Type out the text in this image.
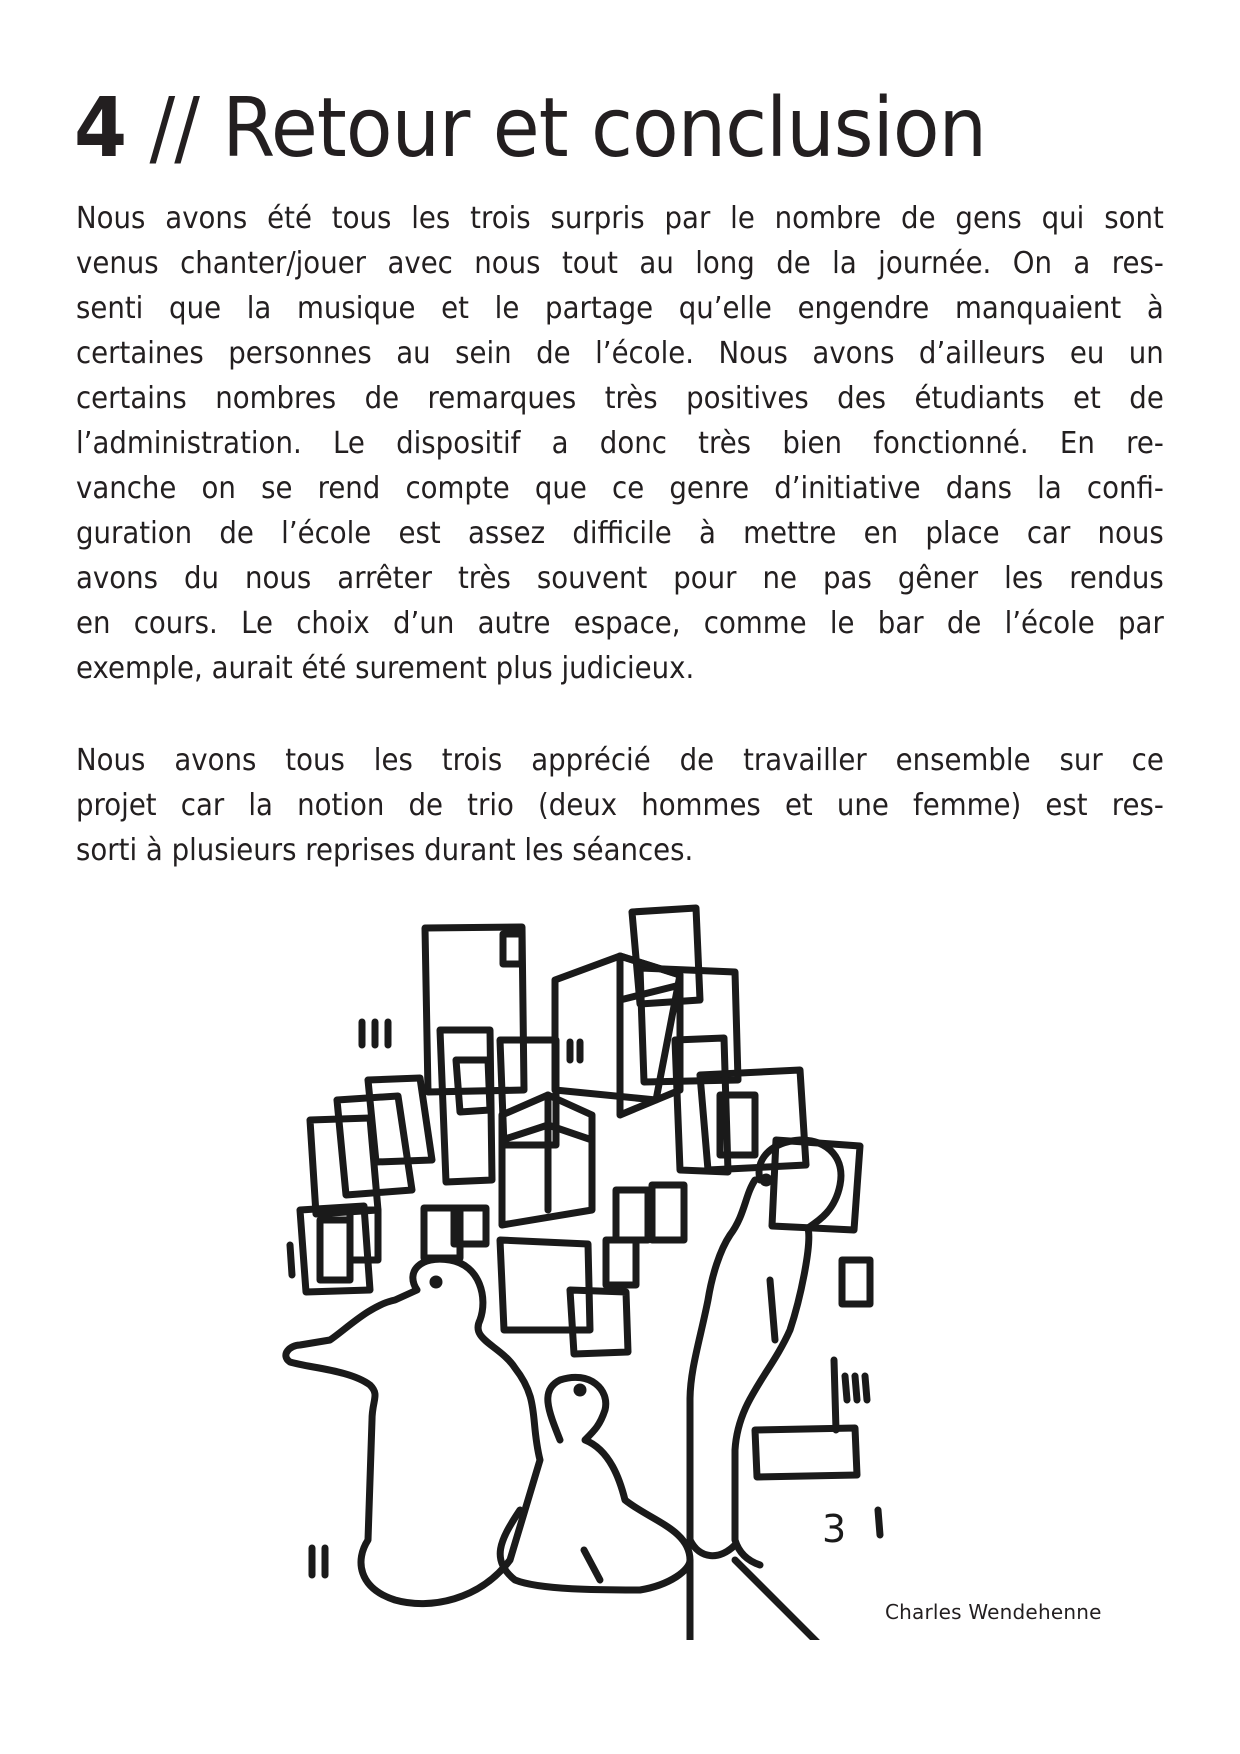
4 // Retour et conclusion

Nous avons été tous les trois surpris par le nombre de gens qui sont
venus chanter/jouer avec nous tout au long de la journée. On a res-
senti que la musique et le partage qu’elle engendre manquaient à
certaines personnes au sein de l’école. Nous avons d’ailleurs eu un
certains nombres de remarques très positives des étudiants et de
l’administration. Le dispositif a donc très bien fonctionné. En re-
vanche on se rend compte que ce genre d’initiative dans la confi-
guration de l’école est assez difficile à mettre en place car nous
avons du nous arrêter très souvent pour ne pas gêner les rendus
en cours. Le choix d’un autre espace, comme le bar de l’école par
exemple, aurait été surement plus judicieux.

Nous avons tous les trois apprécié de travailler ensemble sur ce
projet car la notion de trio (deux hommes et une femme) est res-
sorti à plusieurs reprises durant les séances.

3
Charles Wendehenne
